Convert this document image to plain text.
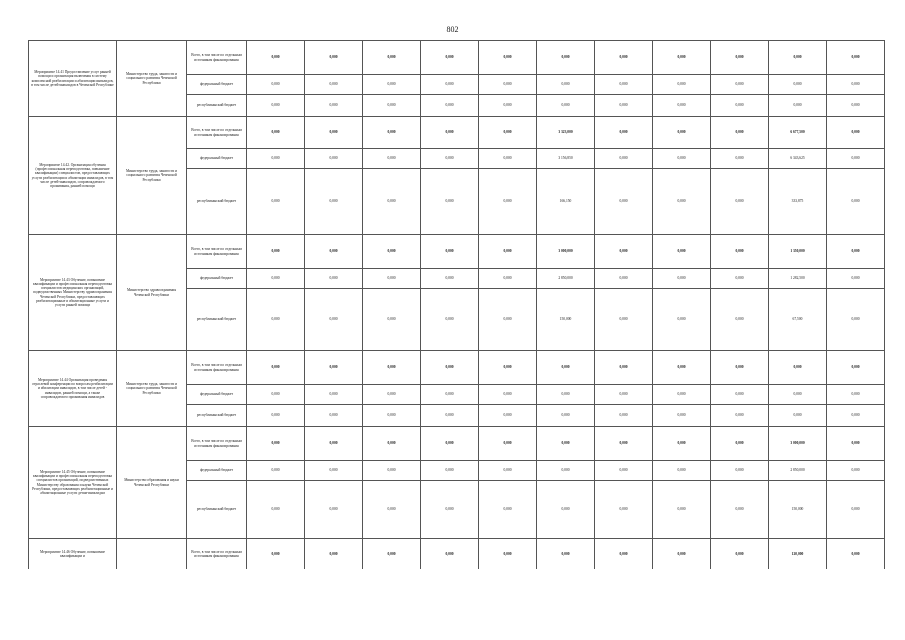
802
Мероприятие 14.41 Предоставление услуг ранней помощи и организация включения в систему комплексной реабилитации и абилитации инвалидов, в том числе детей-инвалидов в Чеченской Республике	Министерство труда, занятости и социального развития Чеченской Республики	Всего, в том числе по отдельным источникам финансирования	0,000	0,000	0,000	0,000	0,000	0,000	0,000	0,000	0,000	0,000	0,000
		федеральный бюджет	0,000	0,000	0,000	0,000	0,000	0,000	0,000	0,000	0,000	0,000	0,000
		республиканский бюджет	0,000	0,000	0,000	0,000	0,000	0,000	0,000	0,000	0,000	0,000	0,000
Мероприятие 14.42. Организация обучения (профессиональная переподготовка, повышение квалификации) специалистов, предоставляющих услуги реабилитации и абилитации инвалидов, в том числе детей-инвалидов, сопровождаемого проживания, ранней помощи	Министерство труда, занятости и социального развития Чеченской Республики	Всего, в том числе по отдельным источникам финансирования	0,000	0,000	0,000	0,000	0,000	3 323,000	0,000	0,000	0,000	6 677,500	0,000
		федеральный бюджет	0,000	0,000	0,000	0,000	0,000	3 156,850	0,000	0,000	0,000	6 343,625	0,000
		республиканский бюджет	0,000	0,000	0,000	0,000	0,000	166,150	0,000	0,000	0,000	333,875	0,000
Мероприятие 14.43 Обучение, повышение квалификации и профессиональная переподготовка специалистов медицинских организаций, подведомственных Министерству здравоохранения Чеченской Республики, предоставляющих реабилитационные и абилитационные услуги и услуги ранней помощи	Министерство здравоохранения Чеченской Республики	Всего, в том числе по отдельным источникам финансирования	0,000	0,000	0,000	0,000	0,000	3 000,000	0,000	0,000	0,000	1 350,000	0,000
		федеральный бюджет	0,000	0,000	0,000	0,000	0,000	2 850,000	0,000	0,000	0,000	1 282,500	0,000
		республиканский бюджет	0,000	0,000	0,000	0,000	0,000	150,000	0,000	0,000	0,000	67,500	0,000
Мероприятие 14.44 Организация проведения отраслевой конференции по вопросам реабилитации и абилитации инвалидов, в том числе детей - инвалидов, ранней помощи, а также сопровождаемого проживания инвалидов	Министерство труда, занятости и социального развития Чеченской Республики	Всего, в том числе по отдельным источникам финансирования	0,000	0,000	0,000	0,000	0,000	0,000	0,000	0,000	0,000	0,000	0,000
		федеральный бюджет	0,000	0,000	0,000	0,000	0,000	0,000	0,000	0,000	0,000	0,000	0,000
		республиканский бюджет	0,000	0,000	0,000	0,000	0,000	0,000	0,000	0,000	0,000	0,000	0,000
Мероприятие 14.45 Обучение, повышение квалификации и профессиональная переподготовка специалистов организаций, подведомственных Министерству образования и науки Чеченской Республики, предоставляющих реабилитационные и абилитационные услуги детям-инвалидам	Министерство образования и науки Чеченской Республики	Всего, в том числе по отдельным источникам финансирования	0,000	0,000	0,000	0,000	0,000	0,000	0,000	0,000	0,000	3 000,000	0,000
		федеральный бюджет	0,000	0,000	0,000	0,000	0,000	0,000	0,000	0,000	0,000	2 850,000	0,000
		республиканский бюджет	0,000	0,000	0,000	0,000	0,000	0,000	0,000	0,000	0,000	150,000	0,000
Мероприятие 14.46 Обучение, повышение квалификации и		Всего, в том числе по отдельным источникам финансирования	0,000	0,000	0,000	0,000	0,000	0,000	0,000	0,000	0,000	120,000	0,000
